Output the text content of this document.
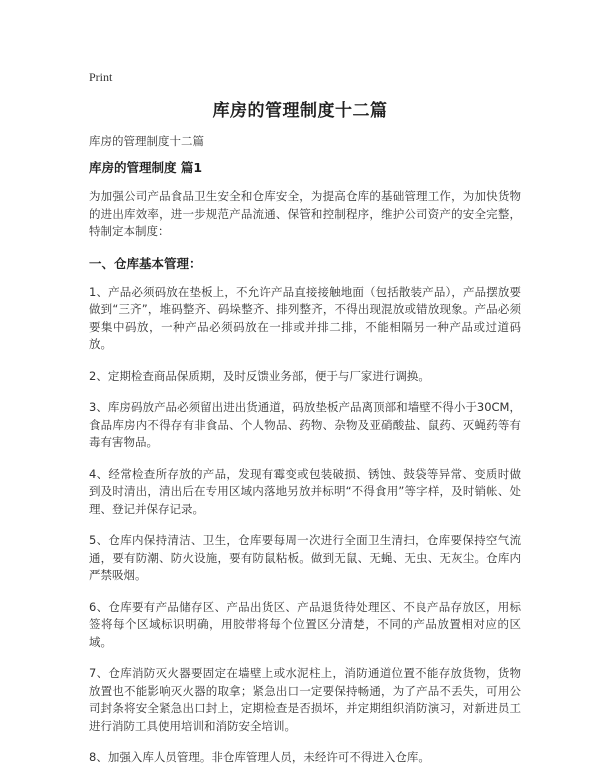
Print
库房的管理制度十二篇
库房的管理制度十二篇
库房的管理制度 篇1

为加强公司产品食品卫生安全和仓库安全，为提高仓库的基础管理工作，为加快货物的进出库效率，进一步规范产品流通、保管和控制程序，维护公司资产的安全完整，特制定本制度：

一、仓库基本管理：

1、产品必须码放在垫板上，不允许产品直接接触地面（包括散装产品），产品摆放要做到“三齐”，堆码整齐、码垛整齐、排列整齐，不得出现混放或错放现象。产品必须要集中码放，一种产品必须码放在一排或并排二排，不能相隔另一种产品或过道码放。

2、定期检查商品保质期，及时反馈业务部，便于与厂家进行调换。

3、库房码放产品必须留出进出货通道，码放垫板产品离顶部和墙壁不得小于30CM，食品库房内不得存有非食品、个人物品、药物、杂物及亚硝酸盐、鼠药、灭蝇药等有毒有害物品。

4、经常检查所存放的产品，发现有霉变或包装破损、锈蚀、鼓袋等异常、变质时做到及时清出，清出后在专用区域内落地另放并标明“不得食用”等字样，及时销帐、处理、登记并保存记录。

5、仓库内保持清洁、卫生，仓库要每周一次进行全面卫生清扫，仓库要保持空气流通，要有防潮、防火设施，要有防鼠粘板。做到无鼠、无蝇、无虫、无灰尘。仓库内严禁吸烟。

6、仓库要有产品储存区、产品出货区、产品退货待处理区、不良产品存放区，用标签将每个区域标识明确，用胶带将每个位置区分清楚，不同的产品放置相对应的区域。

7、仓库消防灭火器要固定在墙壁上或水泥柱上，消防通道位置不能存放货物，货物放置也不能影响灭火器的取拿；紧急出口一定要保持畅通，为了产品不丢失，可用公司封条将安全紧急出口封上，定期检查是否损坏，并定期组织消防演习，对新进员工进行消防工具使用培训和消防安全培训。

8、加强入库人员管理。非仓库管理人员，未经许可不得进入仓库。
